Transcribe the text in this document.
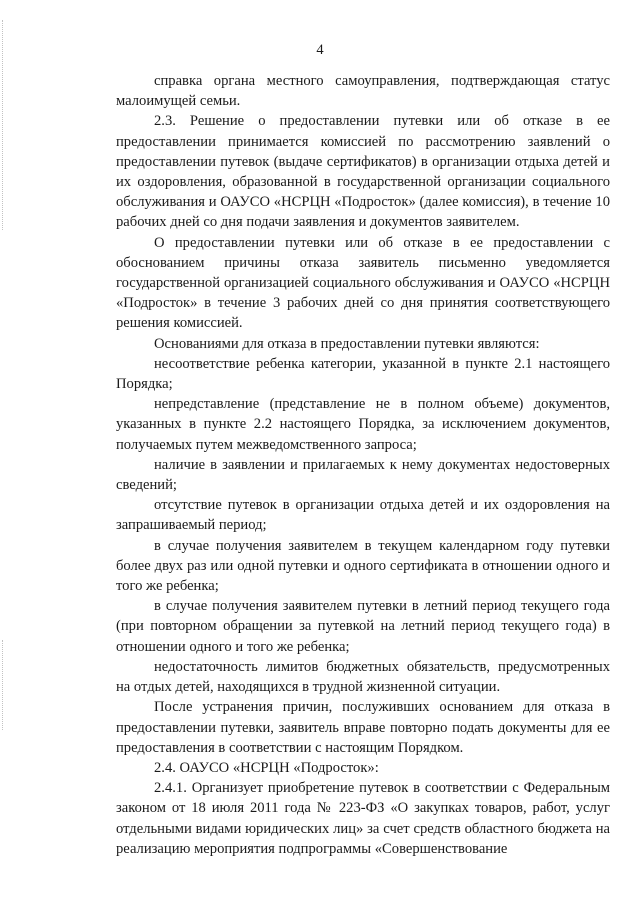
4

справка органа местного самоуправления, подтверждающая статус малоимущей семьи.

2.3. Решение о предоставлении путевки или об отказе в ее предоставлении принимается комиссией по рассмотрению заявлений о предоставлении путевок (выдаче сертификатов) в организации отдыха детей и их оздоровления, образованной в государственной организации социального обслуживания и ОАУСО «НСРЦН «Подросток» (далее комиссия), в течение 10 рабочих дней со дня подачи заявления и документов заявителем.

О предоставлении путевки или об отказе в ее предоставлении с обоснованием причины отказа заявитель письменно уведомляется государственной организацией социального обслуживания и ОАУСО «НСРЦН «Подросток» в течение 3 рабочих дней со дня принятия соответствующего решения комиссией.

Основаниями для отказа в предоставлении путевки являются:

несоответствие ребенка категории, указанной в пункте 2.1 настоящего Порядка;

непредставление (представление не в полном объеме) документов, указанных в пункте 2.2 настоящего Порядка, за исключением документов, получаемых путем межведомственного запроса;

наличие в заявлении и прилагаемых к нему документах недостоверных сведений;

отсутствие путевок в организации отдыха детей и их оздоровления на запрашиваемый период;

в случае получения заявителем в текущем календарном году путевки более двух раз или одной путевки и одного сертификата в отношении одного и того же ребенка;

в случае получения заявителем путевки в летний период текущего года (при повторном обращении за путевкой на летний период текущего года) в отношении одного и того же ребенка;

недостаточность лимитов бюджетных обязательств, предусмотренных на отдых детей, находящихся в трудной жизненной ситуации.

После устранения причин, послуживших основанием для отказа в предоставлении путевки, заявитель вправе повторно подать документы для ее предоставления в соответствии с настоящим Порядком.

2.4. ОАУСО «НСРЦН «Подросток»:

2.4.1. Организует приобретение путевок в соответствии с Федеральным законом от 18 июля 2011 года № 223-ФЗ «О закупках товаров, работ, услуг отдельными видами юридических лиц» за счет средств областного бюджета на реализацию мероприятия подпрограммы «Совершенствование
